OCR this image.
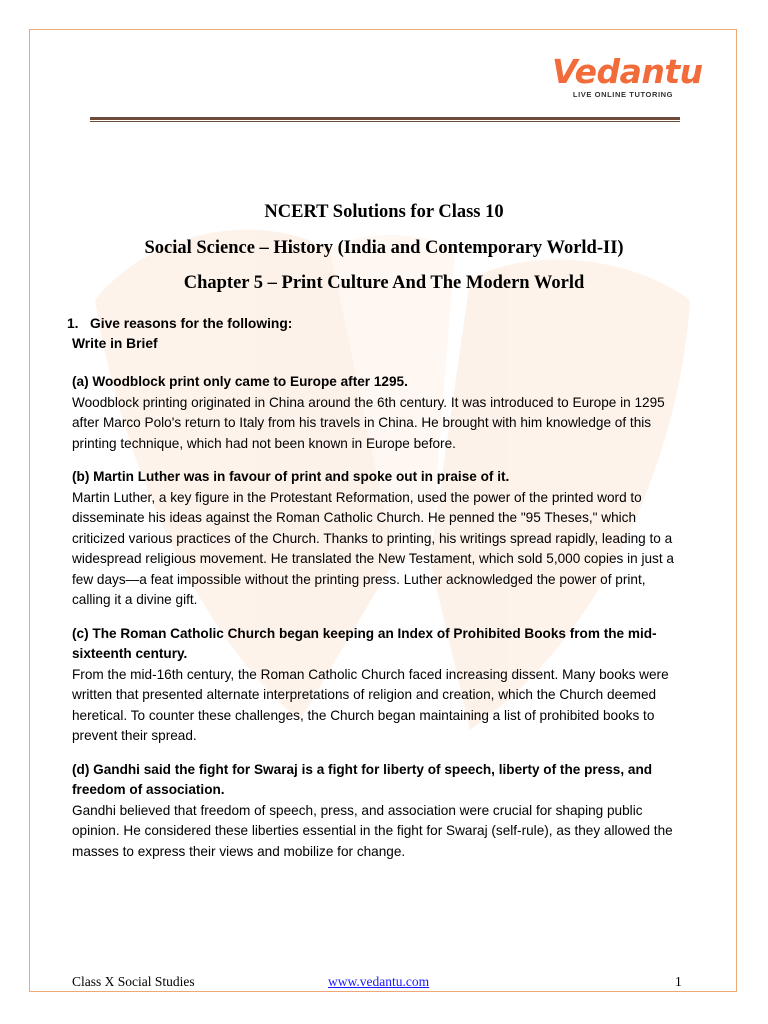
Vedantu
LIVE ONLINE TUTORING
NCERT Solutions for Class 10
Social Science – History (India and Contemporary World-II)
Chapter 5 – Print Culture And The Modern World
1. Give reasons for the following:
Write in Brief

(a) Woodblock print only came to Europe after 1295.

Woodblock printing originated in China around the 6th century. It was introduced to Europe in 1295 after Marco Polo's return to Italy from his travels in China. He brought with him knowledge of this printing technique, which had not been known in Europe before.

(b) Martin Luther was in favour of print and spoke out in praise of it.

Martin Luther, a key figure in the Protestant Reformation, used the power of the printed word to disseminate his ideas against the Roman Catholic Church. He penned the "95 Theses," which criticized various practices of the Church. Thanks to printing, his writings spread rapidly, leading to a widespread religious movement. He translated the New Testament, which sold 5,000 copies in just a few days—a feat impossible without the printing press. Luther acknowledged the power of print, calling it a divine gift.

(c) The Roman Catholic Church began keeping an Index of Prohibited Books from the mid-sixteenth century.

From the mid-16th century, the Roman Catholic Church faced increasing dissent. Many books were written that presented alternate interpretations of religion and creation, which the Church deemed heretical. To counter these challenges, the Church began maintaining a list of prohibited books to prevent their spread.

(d) Gandhi said the fight for Swaraj is a fight for liberty of speech, liberty of the press, and freedom of association.

Gandhi believed that freedom of speech, press, and association were crucial for shaping public opinion. He considered these liberties essential in the fight for Swaraj (self-rule), as they allowed the masses to express their views and mobilize for change.

Class X Social Studies	www.vedantu.com	1
